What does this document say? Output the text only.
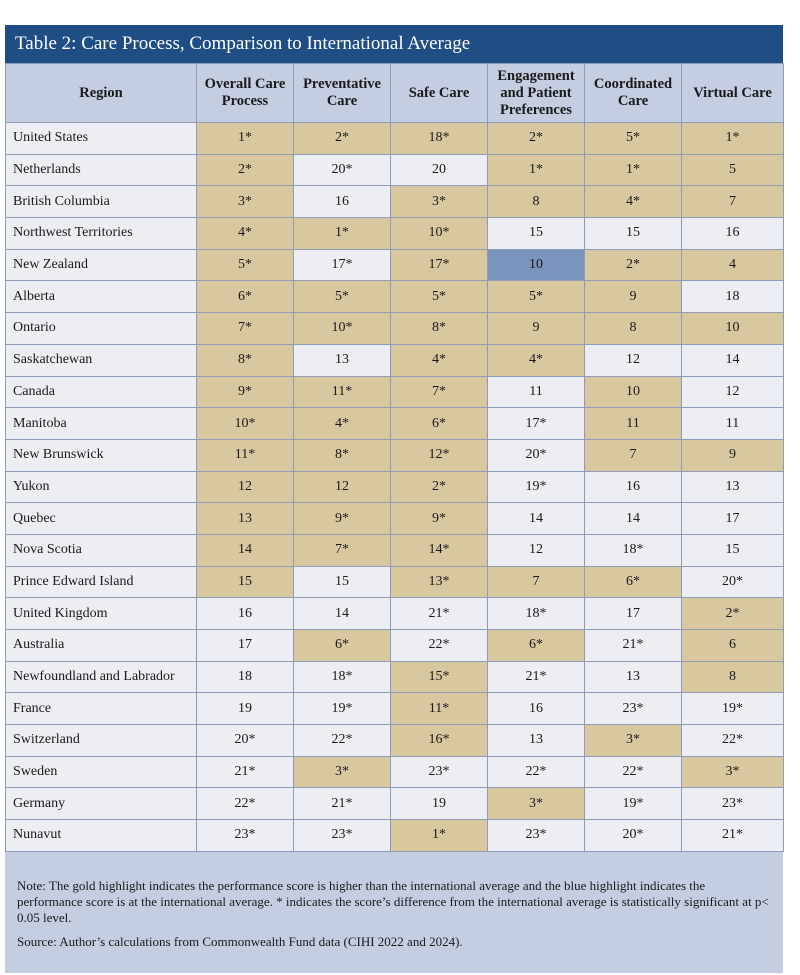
Table 2: Care Process, Comparison to International Average
Region	Overall Care Process	Preventative Care	Safe Care	Engagement and Patient Preferences	Coordinated Care	Virtual Care
United States	1*	2*	18*	2*	5*	1*
Netherlands	2*	20*	20	1*	1*	5
British Columbia	3*	16	3*	8	4*	7
Northwest Territories	4*	1*	10*	15	15	16
New Zealand	5*	17*	17*	10	2*	4
Alberta	6*	5*	5*	5*	9	18
Ontario	7*	10*	8*	9	8	10
Saskatchewan	8*	13	4*	4*	12	14
Canada	9*	11*	7*	11	10	12
Manitoba	10*	4*	6*	17*	11	11
New Brunswick	11*	8*	12*	20*	7	9
Yukon	12	12	2*	19*	16	13
Quebec	13	9*	9*	14	14	17
Nova Scotia	14	7*	14*	12	18*	15
Prince Edward Island	15	15	13*	7	6*	20*
United Kingdom	16	14	21*	18*	17	2*
Australia	17	6*	22*	6*	21*	6
Newfoundland and Labrador	18	18*	15*	21*	13	8
France	19	19*	11*	16	23*	19*
Switzerland	20*	22*	16*	13	3*	22*
Sweden	21*	3*	23*	22*	22*	3*
Germany	22*	21*	19	3*	19*	23*
Nunavut	23*	23*	1*	23*	20*	21*

Note: The gold highlight indicates the performance score is higher than the international average and the blue highlight indicates the performance score is at the international average. * indicates the score’s difference from the international average is statistically significant at p< 0.05 level.

Source: Author’s calculations from Commonwealth Fund data (CIHI 2022 and 2024).
